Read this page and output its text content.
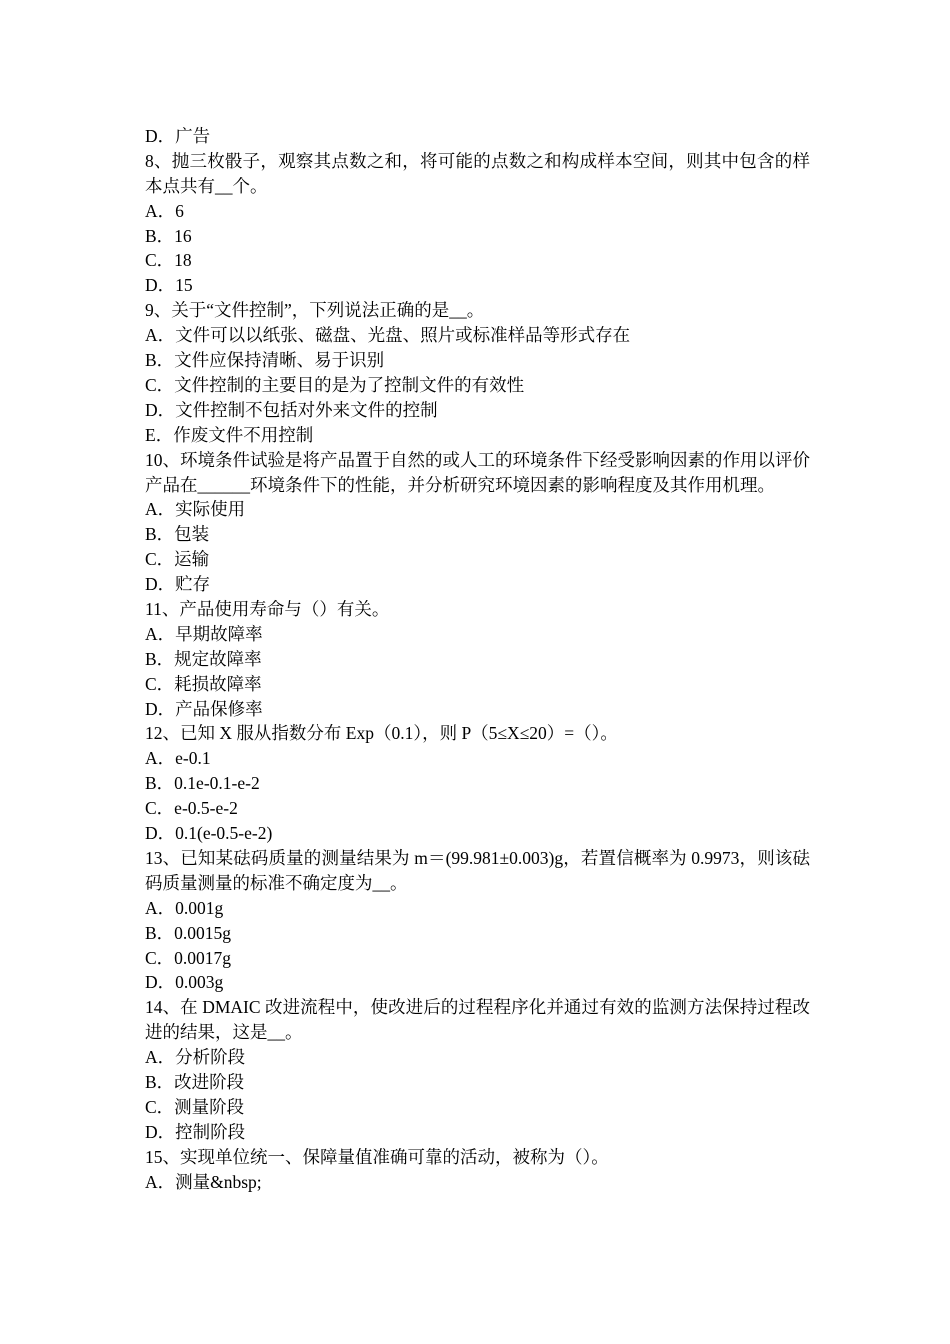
D．广告

8、抛三枚骰子，观察其点数之和，将可能的点数之和构成样本空间，则其中包含的样本点共有__个。

A．6

B．16

C．18

D．15

9、关于“文件控制”，下列说法正确的是__。

A．文件可以以纸张、磁盘、光盘、照片或标准样品等形式存在

B．文件应保持清晰、易于识别

C．文件控制的主要目的是为了控制文件的有效性

D．文件控制不包括对外来文件的控制

E．作废文件不用控制

10、环境条件试验是将产品置于自然的或人工的环境条件下经受影响因素的作用以评价产品在______环境条件下的性能，并分析研究环境因素的影响程度及其作用机理。

A．实际使用

B．包装

C．运输

D．贮存

11、产品使用寿命与（）有关。

A．早期故障率

B．规定故障率

C．耗损故障率

D．产品保修率

12、已知 X 服从指数分布 Exp（0.1），则 P（5≤X≤20）=（）。

A．e-0.1

B．0.1e-0.1-e-2

C．e-0.5-e-2

D．0.1(e-0.5-e-2)

13、已知某砝码质量的测量结果为 m＝(99.981±0.003)g，若置信概率为 0.9973，则该砝码质量测量的标准不确定度为__。

A．0.001g

B．0.0015g

C．0.0017g

D．0.003g

14、在 DMAIC 改进流程中，使改进后的过程程序化并通过有效的监测方法保持过程改进的结果，这是__。

A．分析阶段

B．改进阶段

C．测量阶段

D．控制阶段

15、实现单位统一、保障量值准确可靠的活动，被称为（）。

A．测量&nbsp;
